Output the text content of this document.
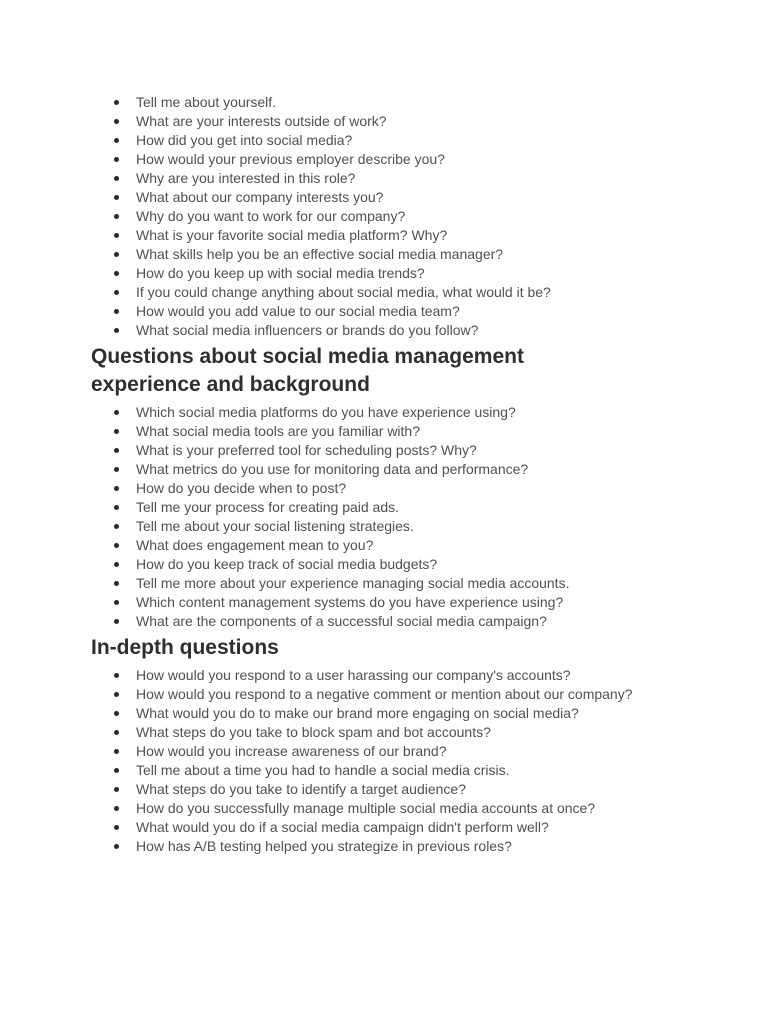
Tell me about yourself.
What are your interests outside of work?
How did you get into social media?
How would your previous employer describe you?
Why are you interested in this role?
What about our company interests you?
Why do you want to work for our company?
What is your favorite social media platform? Why?
What skills help you be an effective social media manager?
How do you keep up with social media trends?
If you could change anything about social media, what would it be?
How would you add value to our social media team?
What social media influencers or brands do you follow?
Questions about social media management
experience and background
Which social media platforms do you have experience using?
What social media tools are you familiar with?
What is your preferred tool for scheduling posts? Why?
What metrics do you use for monitoring data and performance?
How do you decide when to post?
Tell me your process for creating paid ads.
Tell me about your social listening strategies.
What does engagement mean to you?
How do you keep track of social media budgets?
Tell me more about your experience managing social media accounts.
Which content management systems do you have experience using?
What are the components of a successful social media campaign?
In-depth questions
How would you respond to a user harassing our company's accounts?
How would you respond to a negative comment or mention about our company?
What would you do to make our brand more engaging on social media?
What steps do you take to block spam and bot accounts?
How would you increase awareness of our brand?
Tell me about a time you had to handle a social media crisis.
What steps do you take to identify a target audience?
How do you successfully manage multiple social media accounts at once?
What would you do if a social media campaign didn't perform well?
How has A/B testing helped you strategize in previous roles?
